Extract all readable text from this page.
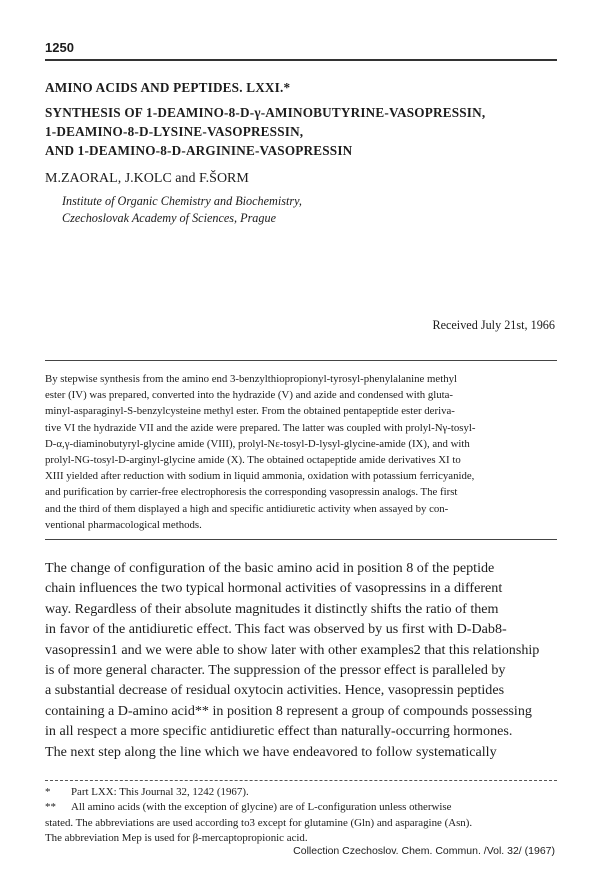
1250
AMINO ACIDS AND PEPTIDES. LXXI.*
SYNTHESIS OF 1-DEAMINO-8-D-γ-AMINOBUTYRINE-VASOPRESSIN,
1-DEAMINO-8-D-LYSINE-VASOPRESSIN,
AND 1-DEAMINO-8-D-ARGININE-VASOPRESSIN
M.ZAORAL, J.KOLC and F.ŠORM
Institute of Organic Chemistry and Biochemistry,
Czechoslovak Academy of Sciences, Prague
Received July 21st, 1966
By stepwise synthesis from the amino end 3-benzylthiopropionyl-tyrosyl-phenylalanine methyl
ester (IV) was prepared, converted into the hydrazide (V) and azide and condensed with gluta-
minyl-asparaginyl-S-benzylcysteine methyl ester. From the obtained pentapeptide ester deriva-
tive VI the hydrazide VII and the azide were prepared. The latter was coupled with prolyl-Nγ-tosyl-
D-α,γ-diaminobutyryl-glycine amide (VIII), prolyl-Nε-tosyl-D-lysyl-glycine-amide (IX), and with
prolyl-NG-tosyl-D-arginyl-glycine amide (X). The obtained octapeptide amide derivatives XI to
XIII yielded after reduction with sodium in liquid ammonia, oxidation with potassium ferricyanide,
and purification by carrier-free electrophoresis the corresponding vasopressin analogs. The first
and the third of them displayed a high and specific antidiuretic activity when assayed by con-
ventional pharmacological methods.
The change of configuration of the basic amino acid in position 8 of the peptide
chain influences the two typical hormonal activities of vasopressins in a different
way. Regardless of their absolute magnitudes it distinctly shifts the ratio of them
in favor of the antidiuretic effect. This fact was observed by us first with D-Dab8-
vasopressin1 and we were able to show later with other examples2 that this relationship
is of more general character. The suppression of the pressor effect is paralleled by
a substantial decrease of residual oxytocin activities. Hence, vasopressin peptides
containing a D-amino acid** in position 8 represent a group of compounds possessing
in all respect a more specific antidiuretic effect than naturally-occurring hormones.
The next step along the line which we have endeavored to follow systematically
* Part LXX: This Journal 32, 1242 (1967).
** All amino acids (with the exception of glycine) are of L-configuration unless otherwise
stated. The abbreviations are used according to3 except for glutamine (Gln) and asparagine (Asn).
The abbreviation Mep is used for β-mercaptopropionic acid.
Collection Czechoslov. Chem. Commun. /Vol. 32/ (1967)
